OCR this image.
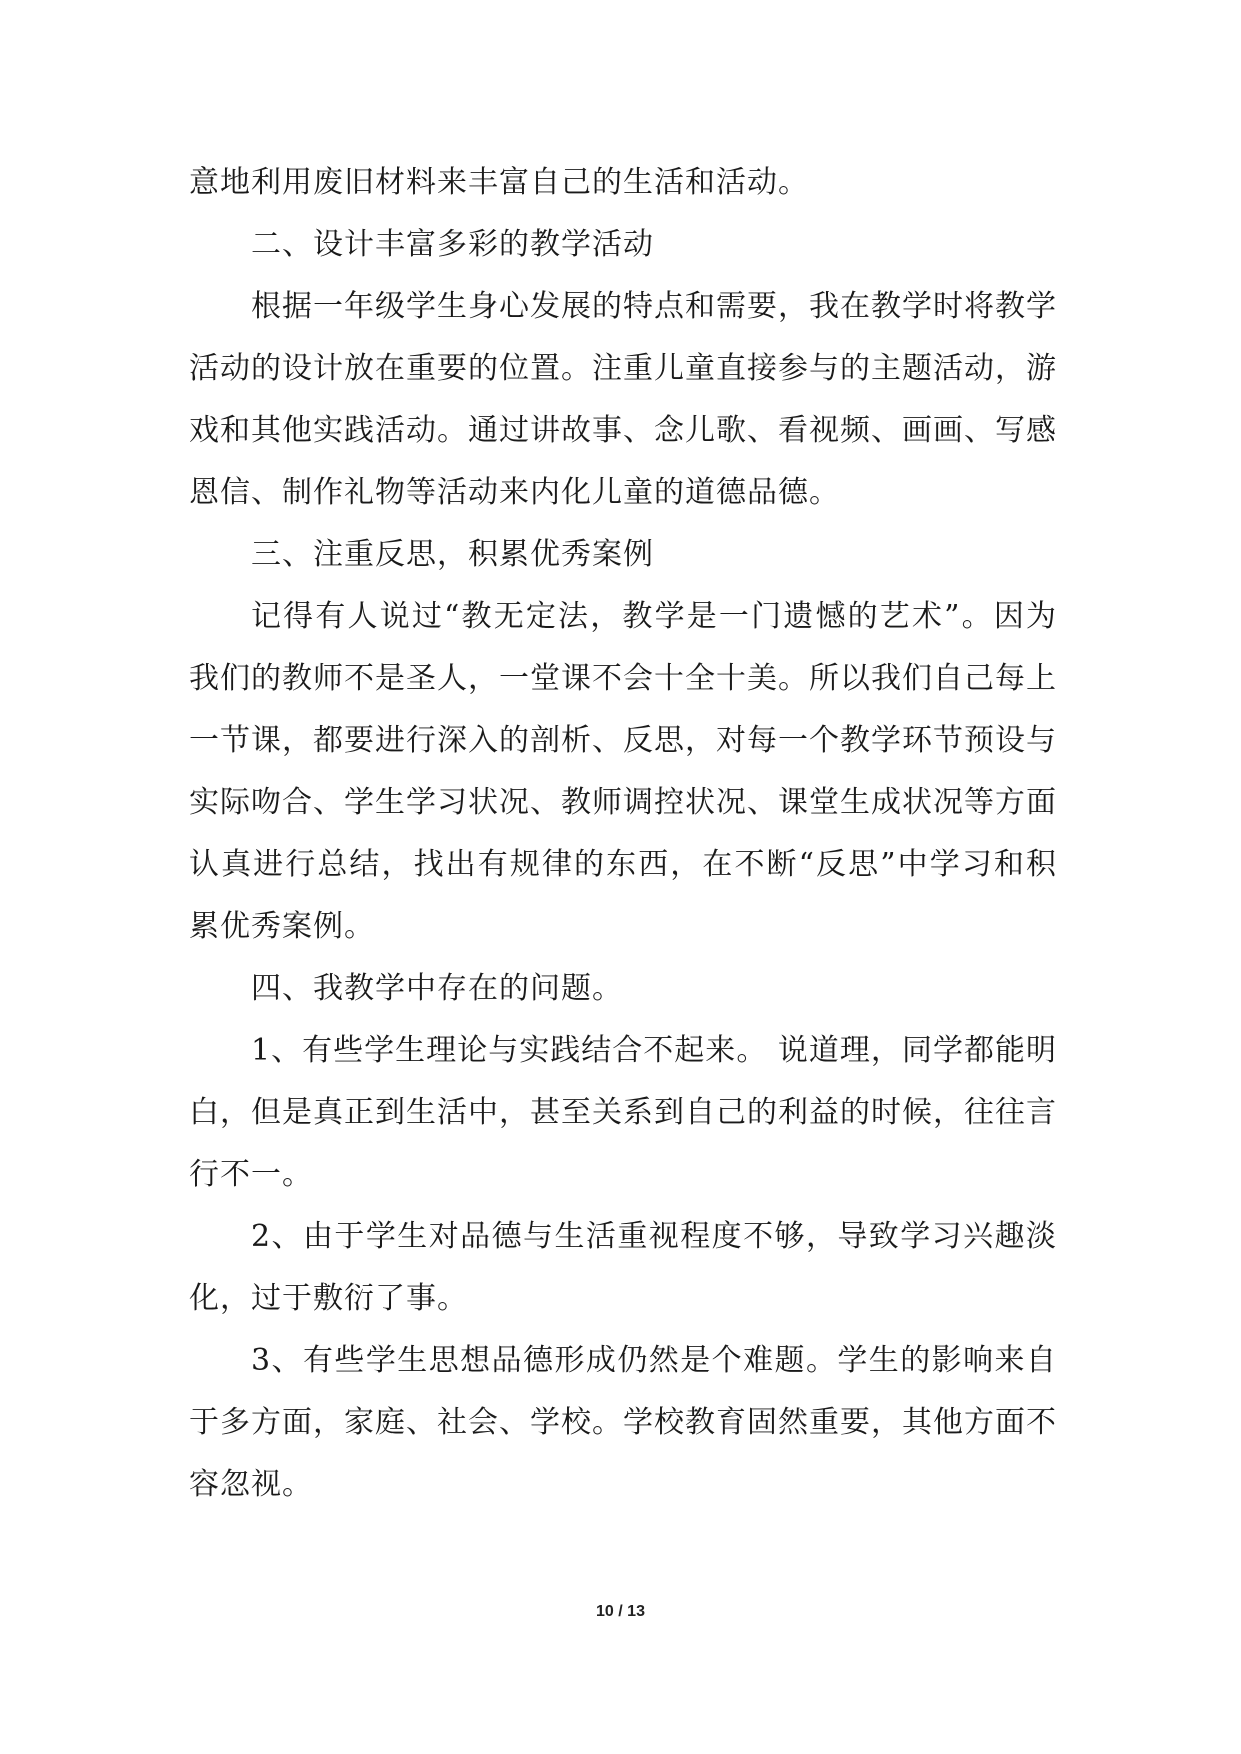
意地利用废旧材料来丰富自己的生活和活动。

二、设计丰富多彩的教学活动

根据一年级学生身心发展的特点和需要，我在教学时将教学活动的设计放在重要的位置。注重儿童直接参与的主题活动，游戏和其他实践活动。通过讲故事、念儿歌、看视频、画画、写感恩信、制作礼物等活动来内化儿童的道德品德。

三、注重反思，积累优秀案例

记得有人说过“教无定法，教学是一门遗憾的艺术”。因为我们的教师不是圣人，一堂课不会十全十美。所以我们自己每上一节课，都要进行深入的剖析、反思，对每一个教学环节预设与实际吻合、学生学习状况、教师调控状况、课堂生成状况等方面认真进行总结，找出有规律的东西，在不断“反思”中学习和积累优秀案例。

四、我教学中存在的问题。

1、有些学生理论与实践结合不起来。 说道理，同学都能明白，但是真正到生活中，甚至关系到自己的利益的时候，往往言行不一。

2、由于学生对品德与生活重视程度不够，导致学习兴趣淡化，过于敷衍了事。

3、有些学生思想品德形成仍然是个难题。学生的影响来自于多方面，家庭、社会、学校。学校教育固然重要，其他方面不容忽视。

10 / 13
